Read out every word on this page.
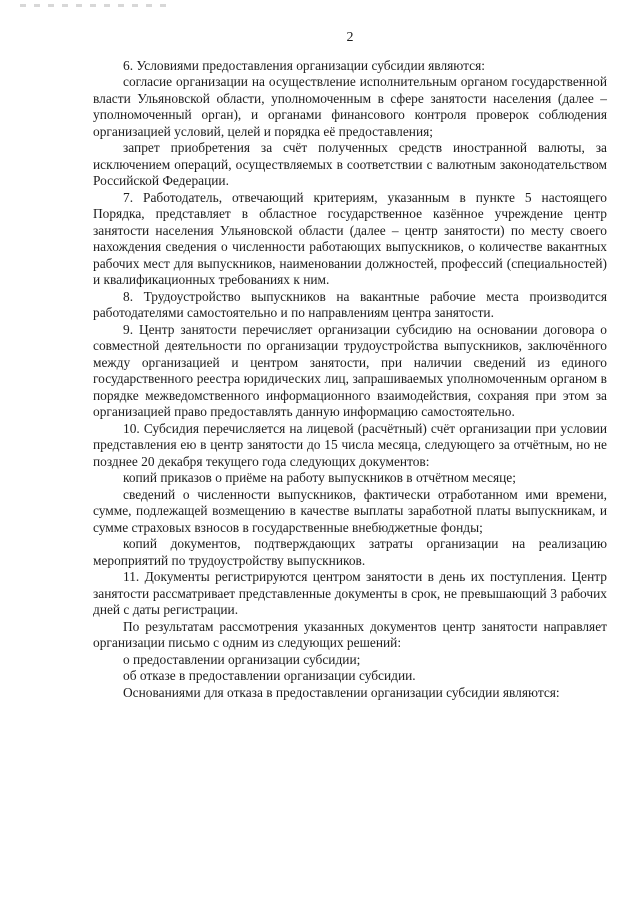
2

6. Условиями предоставления организации субсидии являются:

согласие организации на осуществление исполнительным органом государственной власти Ульяновской области, уполномоченным в сфере занятости населения (далее – уполномоченный орган), и органами финансового контроля проверок соблюдения организацией условий, целей и порядка её предоставления;

запрет приобретения за счёт полученных средств иностранной валюты, за исключением операций, осуществляемых в соответствии с валютным законодательством Российской Федерации.

7. Работодатель, отвечающий критериям, указанным в пункте 5 настоящего Порядка, представляет в областное государственное казённое учреждение центр занятости населения Ульяновской области (далее – центр занятости) по месту своего нахождения сведения о численности работающих выпускников, о количестве вакантных рабочих мест для выпускников, наименовании должностей, профессий (специальностей) и квалификационных требованиях к ним.

8. Трудоустройство выпускников на вакантные рабочие места производится работодателями самостоятельно и по направлениям центра занятости.

9. Центр занятости перечисляет организации субсидию на основании договора о совместной деятельности по организации трудоустройства выпускников, заключённого между организацией и центром занятости, при наличии сведений из единого государственного реестра юридических лиц, запрашиваемых уполномоченным органом в порядке межведомственного информационного взаимодействия, сохраняя при этом за организацией право предоставлять данную информацию самостоятельно.

10. Субсидия перечисляется на лицевой (расчётный) счёт организации при условии представления ею в центр занятости до 15 числа месяца, следующего за отчётным, но не позднее 20 декабря текущего года следующих документов:

копий приказов о приёме на работу выпускников в отчётном месяце;

сведений о численности выпускников, фактически отработанном ими времени, сумме, подлежащей возмещению в качестве выплаты заработной платы выпускникам, и сумме страховых взносов в государственные внебюджетные фонды;

копий документов, подтверждающих затраты организации на реализацию мероприятий по трудоустройству выпускников.

11. Документы регистрируются центром занятости в день их поступления. Центр занятости рассматривает представленные документы в срок, не превышающий 3 рабочих дней с даты регистрации.

По результатам рассмотрения указанных документов центр занятости направляет организации письмо с одним из следующих решений:

о предоставлении организации субсидии;

об отказе в предоставлении организации субсидии.

Основаниями для отказа в предоставлении организации субсидии являются:
